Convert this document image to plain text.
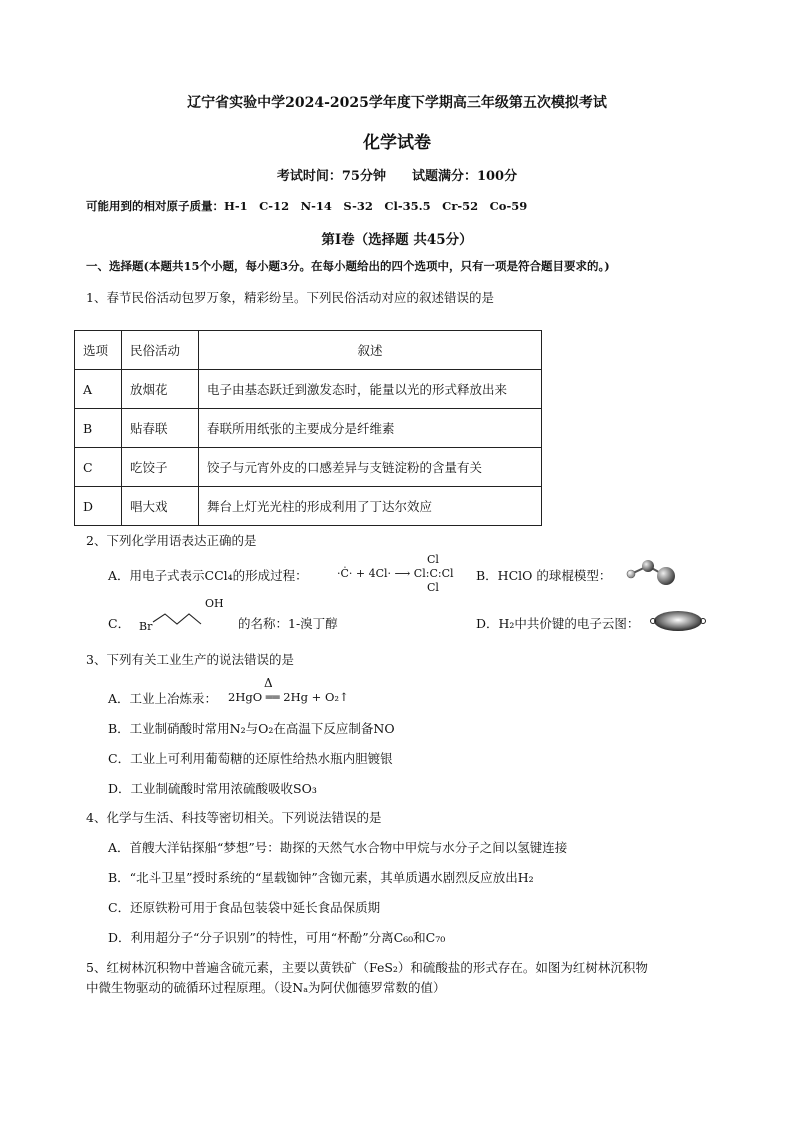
辽宁省实验中学2024-2025学年度下学期高三年级第五次模拟考试
化学试卷
考试时间：75分钟　　试题满分：100分
可能用到的相对原子质量：H-1　C-12　N-14　S-32　Cl-35.5　Cr-52　Co-59
第Ⅰ卷（选择题 共45分）
一、选择题(本题共15个小题，每小题3分。在每小题给出的四个选项中，只有一项是符合题目要求的。)
1、春节民俗活动包罗万象，精彩纷呈。下列民俗活动对应的叙述错误的是
选项	民俗活动	叙述
A	放烟花	电子由基态跃迁到激发态时，能量以光的形式释放出来
B	贴春联	春联所用纸张的主要成分是纤维素
C	吃饺子	饺子与元宵外皮的口感差异与支链淀粉的含量有关
D	唱大戏	舞台上灯光光柱的形成利用了丁达尔效应
2、下列化学用语表达正确的是
A．用电子式表示CCl₄的形成过程：	·Ċ· + 4Cl· ⟶ Cl:C:Cl
Cl
Cl
B．HClO 的球棍模型：
C． Br
OH
的名称：1-溴丁醇	D．H₂中共价键的电子云图：
3、下列有关工业生产的说法错误的是
A．工业上冶炼汞：
Δ
2HgO ══ 2Hg + O₂↑
B．工业制硝酸时常用N₂与O₂在高温下反应制备NO
C．工业上可利用葡萄糖的还原性给热水瓶内胆镀银
D．工业制硫酸时常用浓硫酸吸收SO₃
4、化学与生活、科技等密切相关。下列说法错误的是
A．首艘大洋钻探船“梦想”号：勘探的天然气水合物中甲烷与水分子之间以氢键连接
B．“北斗卫星”授时系统的“星载铷钟”含铷元素，其单质遇水剧烈反应放出H₂
C．还原铁粉可用于食品包装袋中延长食品保质期
D．利用超分子“分子识别”的特性，可用“杯酚”分离C₆₀和C₇₀
5、红树林沉积物中普遍含硫元素，主要以黄铁矿（FeS₂）和硫酸盐的形式存在。如图为红树林沉积物
中微生物驱动的硫循环过程原理。（设Nₐ为阿伏伽德罗常数的值）
